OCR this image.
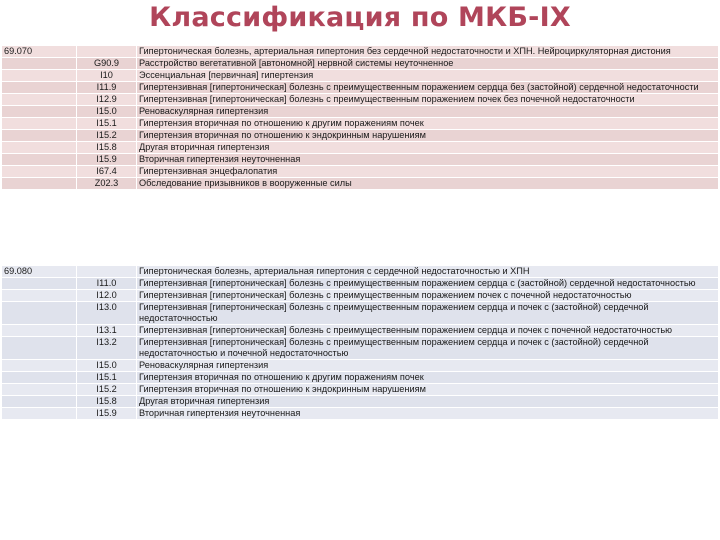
Классификация по МКБ-IX
69.070		Гипертоническая болезнь, артериальная гипертония без сердечной недостаточности и ХПН. Нейроциркуляторная дистония
	G90.9	Расстройство вегетативной [автономной] нервной системы неуточненное
	I10	Эссенциальная [первичная] гипертензия
	I11.9	Гипертензивная [гипертоническая] болезнь с преимущественным поражением сердца без (застойной) сердечной недостаточности
	I12.9	Гипертензивная [гипертоническая] болезнь с преимущественным поражением почек без почечной недостаточности
	I15.0	Реноваскулярная гипертензия
	I15.1	Гипертензия вторичная по отношению к другим поражениям почек
	I15.2	Гипертензия вторичная по отношению к эндокринным нарушениям
	I15.8	Другая вторичная гипертензия
	I15.9	Вторичная гипертензия неуточненная
	I67.4	Гипертензивная энцефалопатия
	Z02.3	Обследование призывников в вооруженные силы
69.080		Гипертоническая болезнь, артериальная гипертония с сердечной недостаточностью и ХПН
	I11.0	Гипертензивная [гипертоническая] болезнь с преимущественным поражением сердца с (застойной) сердечной недостаточностью
	I12.0	Гипертензивная [гипертоническая] болезнь с преимущественным поражением почек с почечной недостаточностью
	I13.0	Гипертензивная [гипертоническая] болезнь с преимущественным поражением сердца и почек с (застойной) сердечной недостаточностью
	I13.1	Гипертензивная [гипертоническая] болезнь с преимущественным поражением сердца и почек с почечной недостаточностью
	I13.2	Гипертензивная [гипертоническая] болезнь с преимущественным поражением сердца и почек с (застойной) сердечной недостаточностью и почечной недостаточностью
	I15.0	Реноваскулярная гипертензия
	I15.1	Гипертензия вторичная по отношению к другим поражениям почек
	I15.2	Гипертензия вторичная по отношению к эндокринным нарушениям
	I15.8	Другая вторичная гипертензия
	I15.9	Вторичная гипертензия неуточненная
